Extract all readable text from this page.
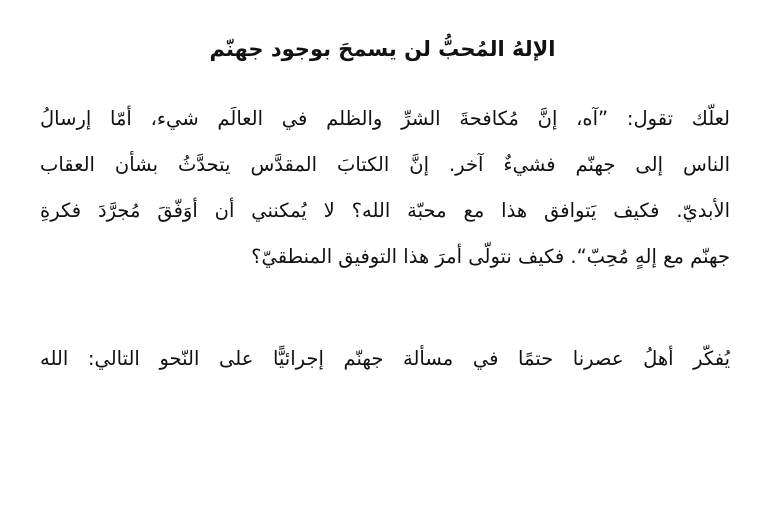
الإلهُ المُحبُّ لن يسمحَ بوجود جهنّم
لعلّك تقول: ”آه، إنَّ مُكافحةَ الشرِّ والظلم في العالَم شيء، أمّا إرسالُ
الناس إلى جهنّم فشيءٌ آخر. إنَّ الكتابَ المقدَّس يتحدَّثُ بشأن العقاب
الأبديّ. فكيف يَتوافق هذا مع محبّة الله؟ لا يُمكنني أن أوَفّقَ مُجرَّدَ فكرةِ
جهنّم مع إلهٍ مُحِبّ“. فكيف نتولّى أمرَ هذا التوفيق المنطقيّ؟
يُفكّر أهلُ عصرنا حتمًا في مسألة جهنّم إجرائيًّا على النّحو التالي: الله
